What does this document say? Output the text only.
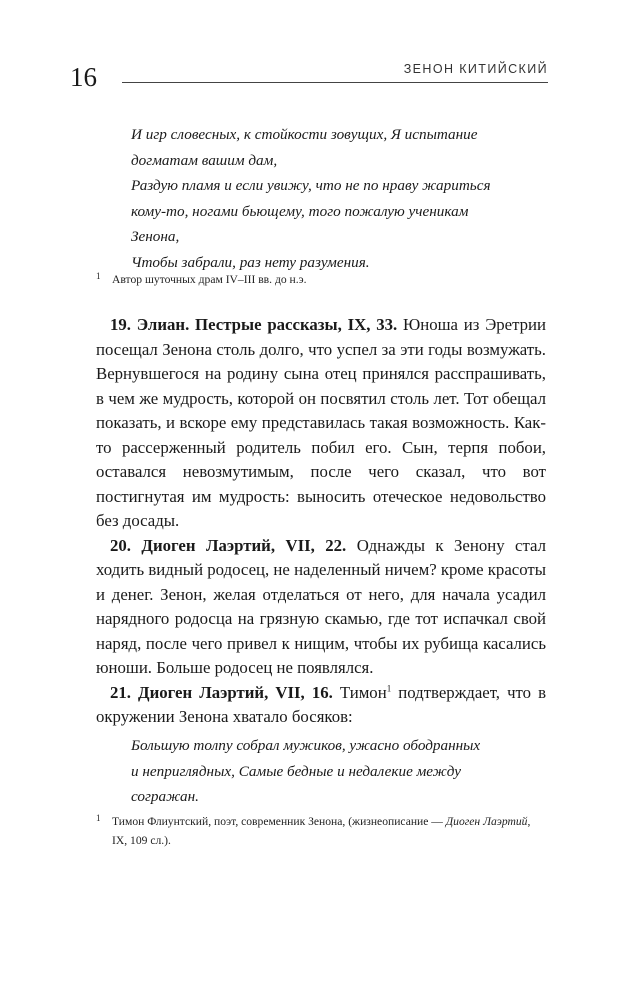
16	ЗЕНОН КИТИЙСКИЙ

И игр словесных, к стойкости зовущих, Я испытание

догматам вашим дам,

Раздую пламя и если увижу, что не по нраву жариться

кому-то, ногами бьющему, того пожалую ученикам

Зенона,

Чтобы забрали, раз нету разумения.

1 Автор шуточных драм IV–III вв. до н.э.

19. Элиан. Пестрые рассказы, IX, 33. Юноша из Эретрии посещал Зенона столь долго, что успел за эти годы возмужать. Вернувшегося на родину сына отец принялся расспрашивать, в чем же мудрость, которой он посвятил столь лет. Тот обещал показать, и вскоре ему представилась такая возможность. Как-то рассерженный родитель побил его. Сын, терпя побои, оставался невозмутимым, после чего сказал, что вот постигнутая им мудрость: выносить отеческое недовольство без досады.

20. Диоген Лаэртий, VII, 22. Однажды к Зенону стал ходить видный родосец, не наделенный ничем? кроме красоты и денег. Зенон, желая отделаться от него, для начала усадил нарядного родосца на грязную скамью, где тот испачкал свой наряд, после чего привел к нищим, чтобы их рубища касались юноши. Больше родосец не появлялся.

21. Диоген Лаэртий, VII, 16. Тимон$^1$ подтверждает, что в окружении Зенона хватало босяков:

Большую толпу собрал мужиков, ужасно ободранных

и неприглядных, Самые бедные и недалекие между

согражан.

1 Тимон Флиунтский, поэт, современник Зенона, (жизнеописание — Диоген Лаэртий, IX, 109 сл.).
